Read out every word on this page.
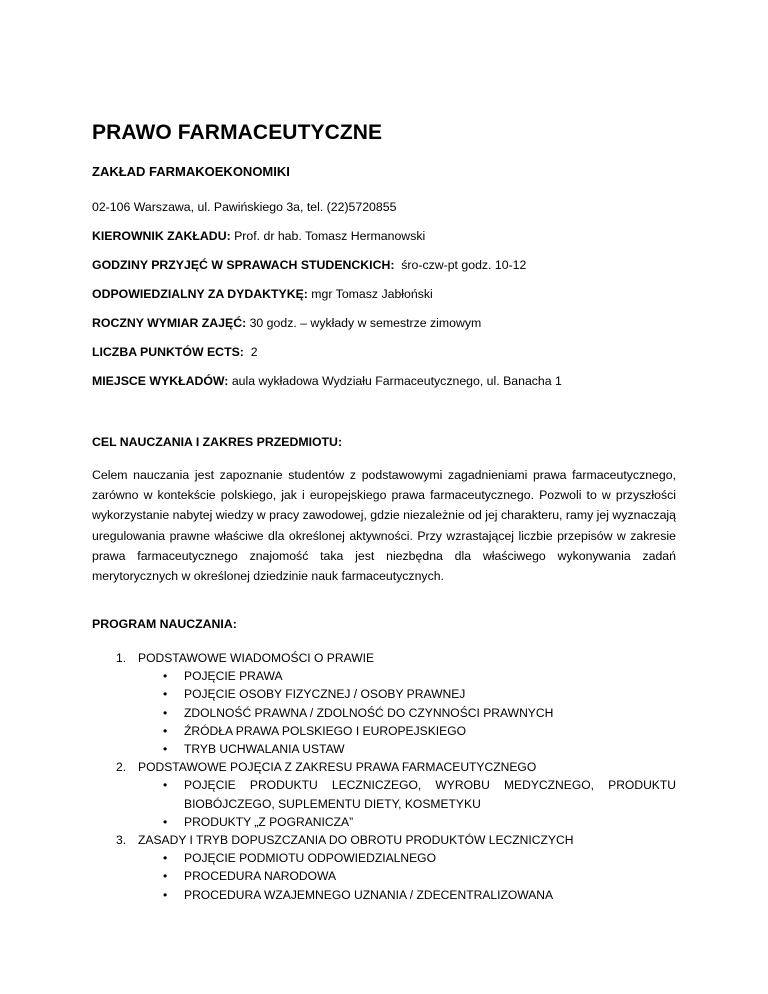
PRAWO FARMACEUTYCZNE
ZAKŁAD FARMAKOEKONOMIKI
02-106 Warszawa, ul. Pawińskiego 3a, tel. (22)5720855
KIEROWNIK ZAKŁADU: Prof. dr hab. Tomasz Hermanowski
GODZINY PRZYJĘĆ W SPRAWACH STUDENCKICH:  śro-czw-pt godz. 10-12
ODPOWIEDZIALNY ZA DYDAKTYKĘ: mgr Tomasz Jabłoński
ROCZNY WYMIAR ZAJĘĆ: 30 godz. – wykłady w semestrze zimowym
LICZBA PUNKTÓW ECTS:  2
MIEJSCE WYKŁADÓW: aula wykładowa Wydziału Farmaceutycznego, ul. Banacha 1
CEL NAUCZANIA I ZAKRES PRZEDMIOTU:

Celem nauczania jest zapoznanie studentów z podstawowymi zagadnieniami prawa farmaceutycznego, zarówno w kontekście polskiego, jak i europejskiego prawa farmaceutycznego. Pozwoli to w przyszłości wykorzystanie nabytej wiedzy w pracy zawodowej, gdzie niezależnie od jej charakteru, ramy jej wyznaczają uregulowania prawne właściwe dla określonej aktywności. Przy wzrastającej liczbie przepisów w zakresie prawa farmaceutycznego znajomość taka jest niezbędna dla właściwego wykonywania zadań merytorycznych w określonej dziedzinie nauk farmaceutycznych.

PROGRAM NAUCZANIA:
1. PODSTAWOWE WIADOMOŚCI O PRAWIE
• POJĘCIE PRAWA
• POJĘCIE OSOBY FIZYCZNEJ / OSOBY PRAWNEJ
• ZDOLNOŚĆ PRAWNA / ZDOLNOŚĆ DO CZYNNOŚCI PRAWNYCH
• ŹRÓDŁA PRAWA POLSKIEGO I EUROPEJSKIEGO
• TRYB UCHWALANIA USTAW
2. PODSTAWOWE POJĘCIA Z ZAKRESU PRAWA FARMACEUTYCZNEGO
• POJĘCIE PRODUKTU LECZNICZEGO, WYROBU MEDYCZNEGO, PRODUKTU
BIOBÓJCZEGO, SUPLEMENTU DIETY, KOSMETYKU
• PRODUKTY „Z POGRANICZA”
3. ZASADY I TRYB DOPUSZCZANIA DO OBROTU PRODUKTÓW LECZNICZYCH
• POJĘCIE PODMIOTU ODPOWIEDZIALNEGO
• PROCEDURA NARODOWA
• PROCEDURA WZAJEMNEGO UZNANIA / ZDECENTRALIZOWANA
